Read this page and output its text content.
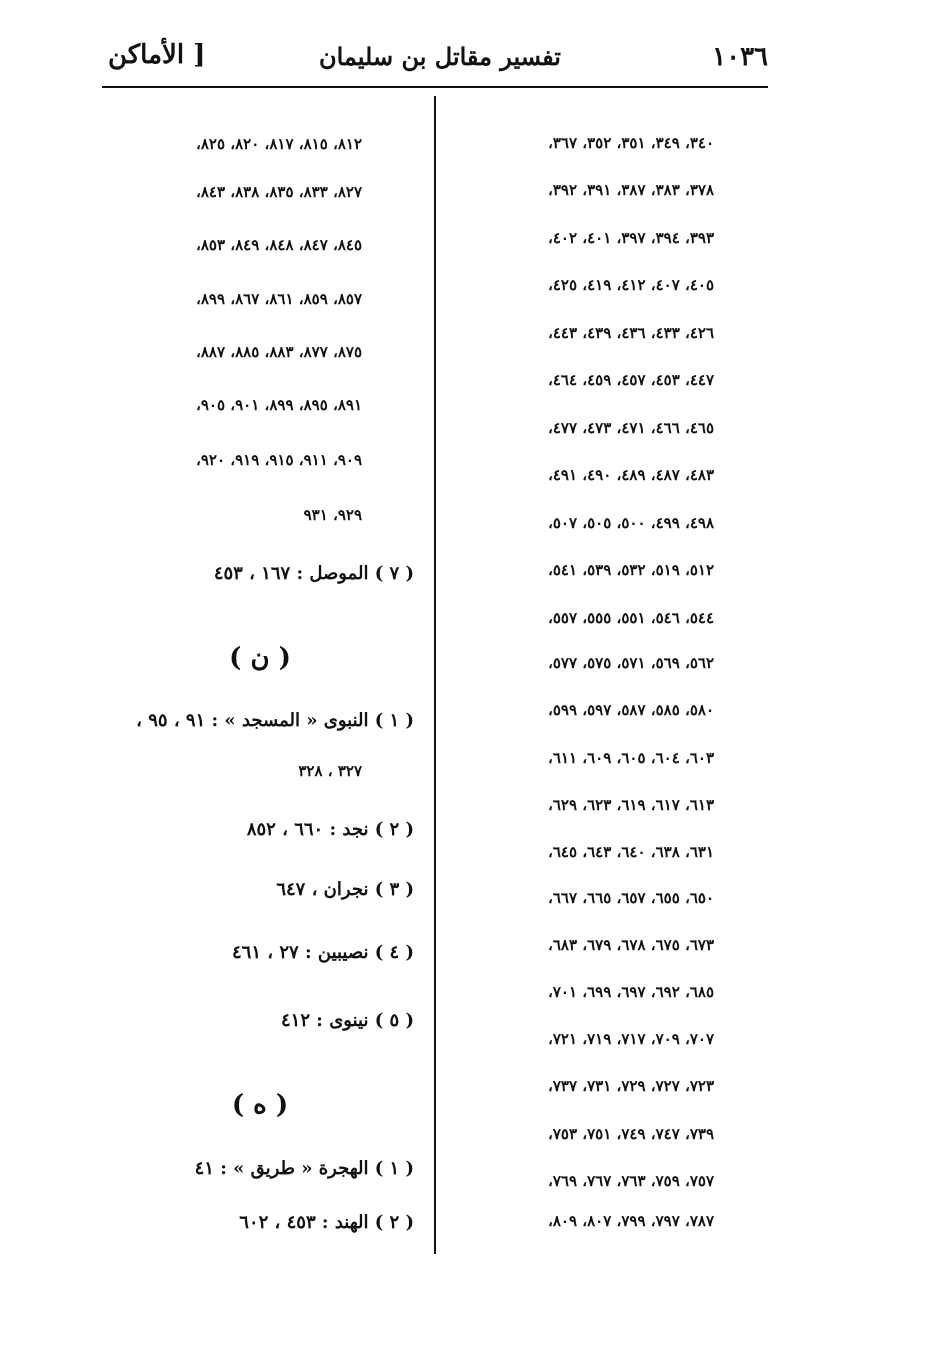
١٠٣٦
تفسير مقاتل بن سليمان
[ الأماكن
٣٤٠، ٣٤٩، ٣٥١، ٣٥٢، ٣٦٧،
٣٧٨، ٣٨٣، ٣٨٧، ٣٩١، ٣٩٢،
٣٩٣، ٣٩٤، ٣٩٧، ٤٠١، ٤٠٢،
٤٠٥، ٤٠٧، ٤١٢، ٤١٩، ٤٢٥،
٤٢٦، ٤٣٣، ٤٣٦، ٤٣٩، ٤٤٣،
٤٤٧، ٤٥٣، ٤٥٧، ٤٥٩، ٤٦٤،
٤٦٥، ٤٦٦، ٤٧١، ٤٧٣، ٤٧٧،
٤٨٣، ٤٨٧، ٤٨٩، ٤٩٠، ٤٩١،
٤٩٨، ٤٩٩، ٥٠٠، ٥٠٥، ٥٠٧،
٥١٢، ٥١٩، ٥٣٢، ٥٣٩، ٥٤١،
٥٤٤، ٥٤٦، ٥٥١، ٥٥٥، ٥٥٧،
٥٦٢، ٥٦٩، ٥٧١، ٥٧٥، ٥٧٧،
٥٨٠، ٥٨٥، ٥٨٧، ٥٩٧، ٥٩٩،
٦٠٣، ٦٠٤، ٦٠٥، ٦٠٩، ٦١١،
٦١٣، ٦١٧، ٦١٩، ٦٢٣، ٦٢٩،
٦٣١، ٦٣٨، ٦٤٠، ٦٤٣، ٦٤٥،
٦٥٠، ٦٥٥، ٦٥٧، ٦٦٥، ٦٦٧،
٦٧٣، ٦٧٥، ٦٧٨، ٦٧٩، ٦٨٣،
٦٨٥، ٦٩٢، ٦٩٧، ٦٩٩، ٧٠١،
٧٠٧، ٧٠٩، ٧١٧، ٧١٩، ٧٢١،
٧٢٣، ٧٢٧، ٧٢٩، ٧٣١، ٧٣٧،
٧٣٩، ٧٤٧، ٧٤٩، ٧٥١، ٧٥٣،
٧٥٧، ٧٥٩، ٧٦٣، ٧٦٧، ٧٦٩،
٧٨٧، ٧٩٧، ٧٩٩، ٨٠٧، ٨٠٩،
٨١٢، ٨١٥، ٨١٧، ٨٢٠، ٨٢٥،
٨٢٧، ٨٣٣، ٨٣٥، ٨٣٨، ٨٤٣،
٨٤٥، ٨٤٧، ٨٤٨، ٨٤٩، ٨٥٣،
٨٥٧، ٨٥٩، ٨٦١، ٨٦٧، ٨٩٩،
٨٧٥، ٨٧٧، ٨٨٣، ٨٨٥، ٨٨٧،
٨٩١، ٨٩٥، ٨٩٩، ٩٠١، ٩٠٥،
٩٠٩، ٩١١، ٩١٥، ٩١٩، ٩٢٠،
٩٢٩، ٩٣١
( ٧ ) الموصل : ١٦٧ ، ٤٥٣
( ن )
( ١ ) النبوى « المسجد » : ٩١ ، ٩٥ ،
٣٢٧ ، ٣٢٨
( ٢ ) نجد : ٦٦٠ ، ٨٥٢
( ٣ ) نجران ، ٦٤٧
( ٤ ) نصيبين : ٢٧ ، ٤٦١
( ٥ ) نينوى : ٤١٢
( ه )
( ١ ) الهجرة « طريق » : ٤١
( ٢ ) الهند : ٤٥٣ ، ٦٠٢
